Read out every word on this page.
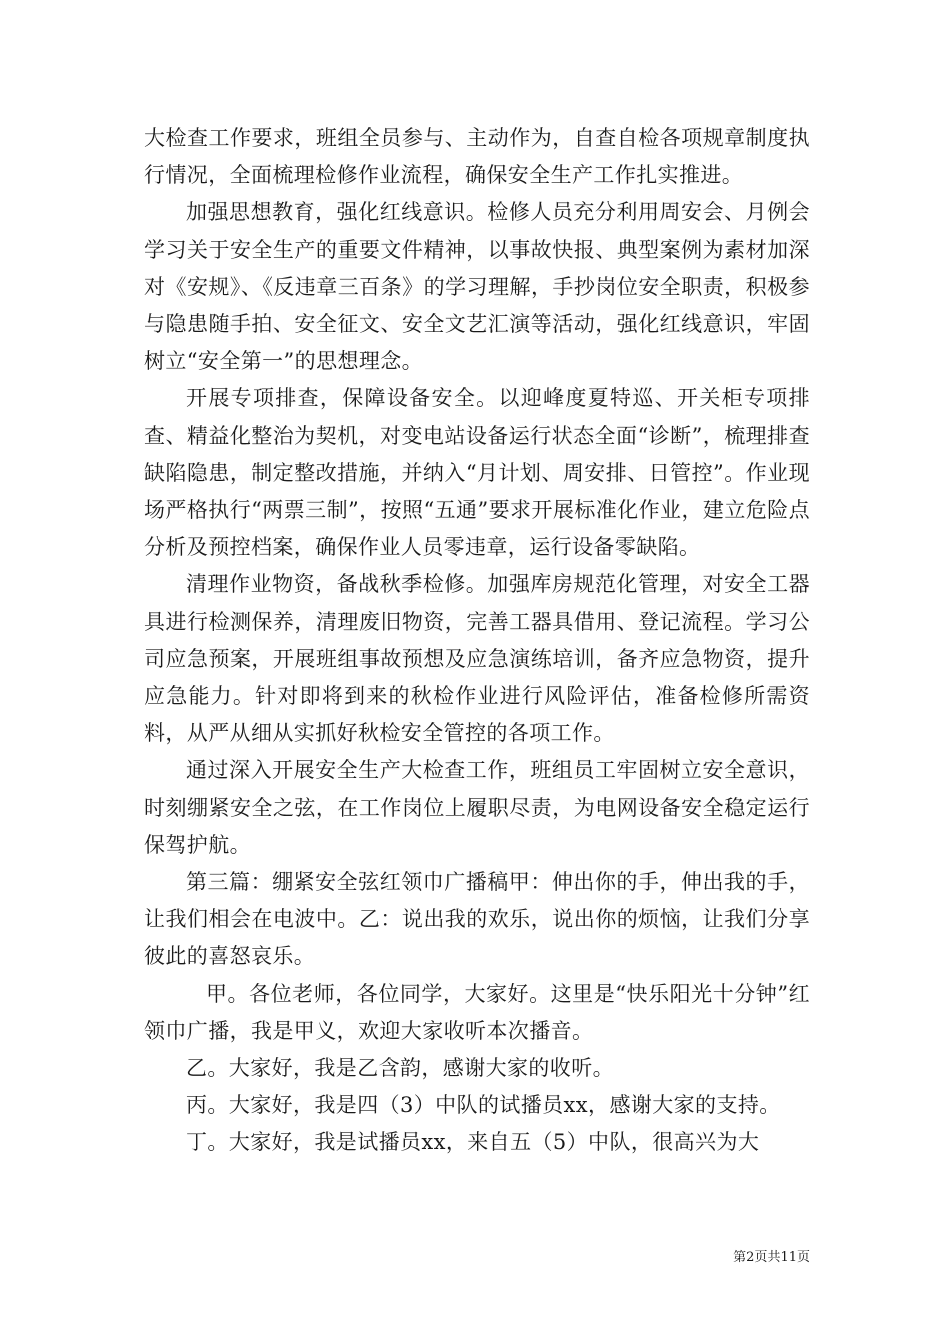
大检查工作要求，班组全员参与、主动作为，自查自检各项规章制度执行情况，全面梳理检修作业流程，确保安全生产工作扎实推进。

加强思想教育，强化红线意识。检修人员充分利用周安会、月例会学习关于安全生产的重要文件精神，以事故快报、典型案例为素材加深对《安规》、《反违章三百条》的学习理解，手抄岗位安全职责，积极参与隐患随手拍、安全征文、安全文艺汇演等活动，强化红线意识，牢固树立“安全第一”的思想理念。

开展专项排查，保障设备安全。以迎峰度夏特巡、开关柜专项排查、精益化整治为契机，对变电站设备运行状态全面“诊断”，梳理排查缺陷隐患，制定整改措施，并纳入“月计划、周安排、日管控”。作业现场严格执行“两票三制”，按照“五通”要求开展标准化作业，建立危险点分析及预控档案，确保作业人员零违章，运行设备零缺陷。

清理作业物资，备战秋季检修。加强库房规范化管理，对安全工器具进行检测保养，清理废旧物资，完善工器具借用、登记流程。学习公司应急预案，开展班组事故预想及应急演练培训，备齐应急物资，提升应急能力。针对即将到来的秋检作业进行风险评估，准备检修所需资料，从严从细从实抓好秋检安全管控的各项工作。

通过深入开展安全生产大检查工作，班组员工牢固树立安全意识，时刻绷紧安全之弦，在工作岗位上履职尽责，为电网设备安全稳定运行保驾护航。

第三篇：绷紧安全弦红领巾广播稿甲：伸出你的手，伸出我的手，让我们相会在电波中。乙：说出我的欢乐，说出你的烦恼，让我们分享彼此的喜怒哀乐。

甲。各位老师，各位同学，大家好。这里是“快乐阳光十分钟”红领巾广播，我是甲义，欢迎大家收听本次播音。

乙。大家好，我是乙含韵，感谢大家的收听。

丙。大家好，我是四（3）中队的试播员xx，感谢大家的支持。

丁。大家好，我是试播员xx，来自五（5）中队，很高兴为大

第2页共11页
